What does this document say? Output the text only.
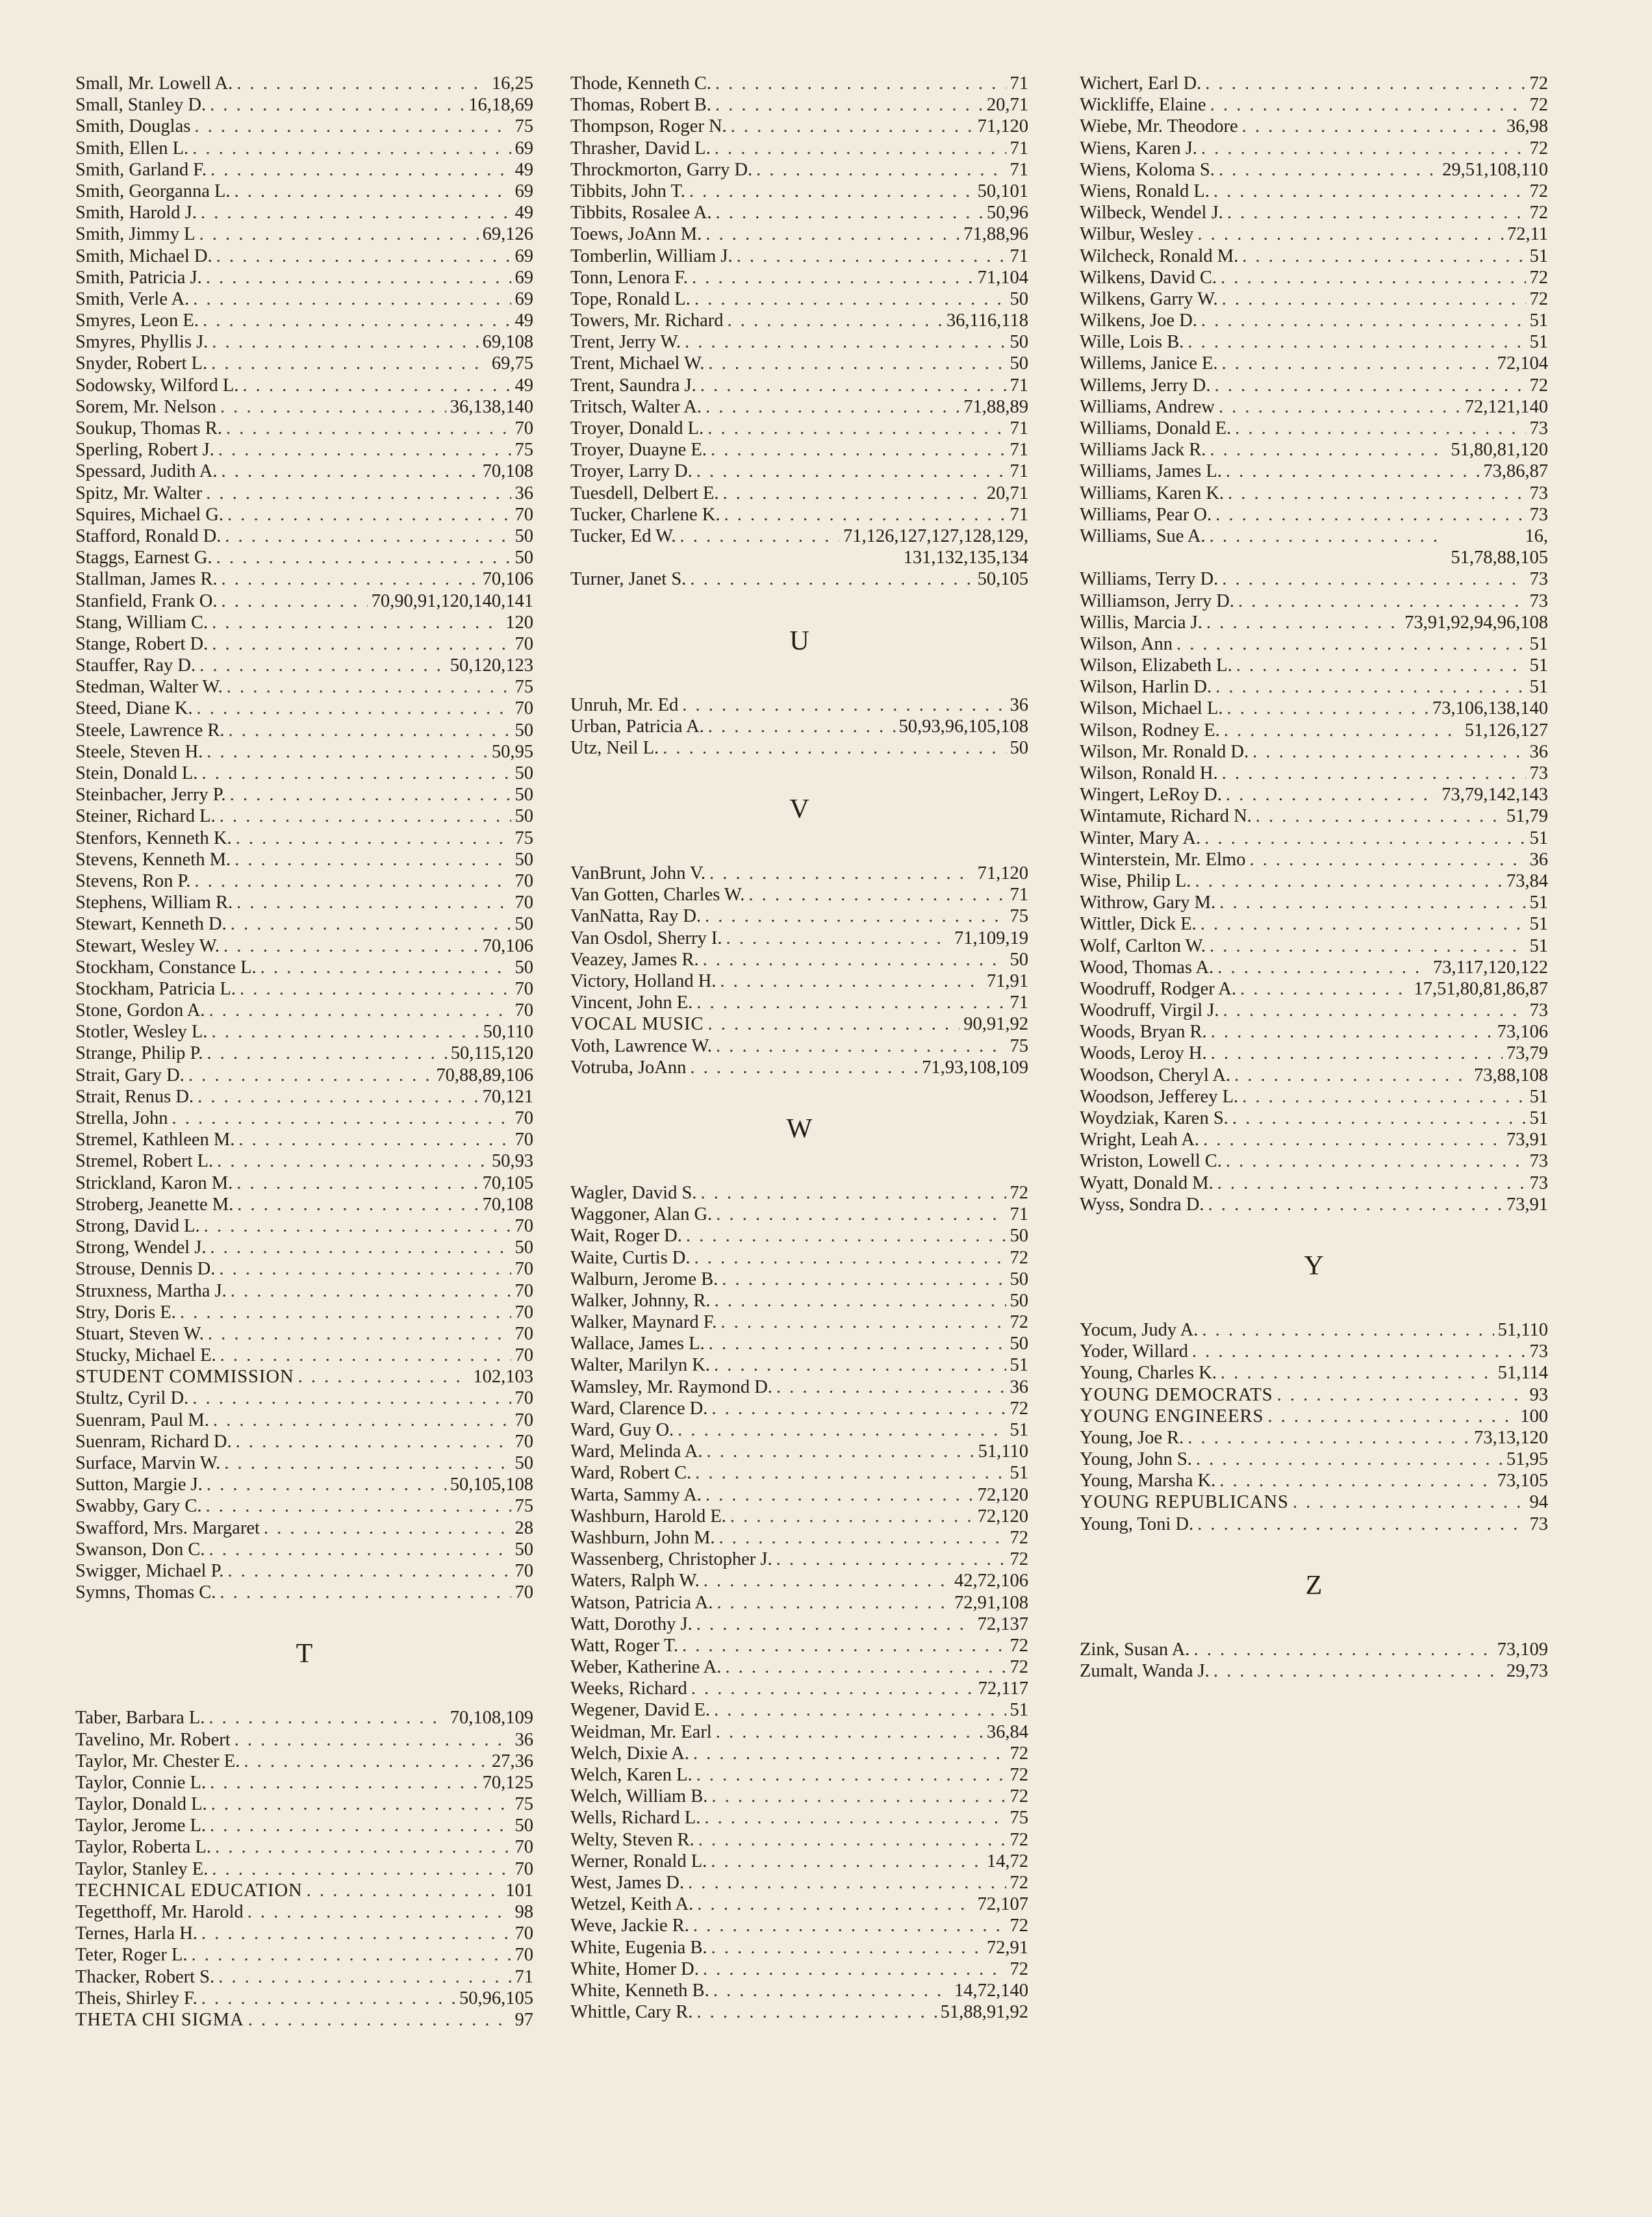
Small, Mr. Lowell A. . . .	16,25
Small, Stanley D. . . .	16,18,69
Smith, Douglas . . .	75
Smith, Ellen L. . . .	69
Smith, Garland F. . . .	49
Smith, Georganna L. . . .	69
Smith, Harold J. . . .	49
Smith, Jimmy L . . .	69,126
Smith, Michael D. . . .	69
Smith, Patricia J. . . .	69
Smith, Verle A. . . .	69
Smyres, Leon E. . . .	49
Smyres, Phyllis J. . . .	69,108
Snyder, Robert L. . . .	69,75
Sodowsky, Wilford L. . . .	49
Sorem, Mr. Nelson . . .	36,138,140
Soukup, Thomas R. . . .	70
Sperling, Robert J. . . .	75
Spessard, Judith A. . . .	70,108
Spitz, Mr. Walter . . .	36
Squires, Michael G. . . .	70
Stafford, Ronald D. . . .	50
Staggs, Earnest G. . . .	50
Stallman, James R. . . .	70,106
Stanfield, Frank O. . . .	70,90,91,120,140,141
Stang, William C. . . .	120
Stange, Robert D. . . .	70
Stauffer, Ray D. . . .	50,120,123
Stedman, Walter W. . . .	75
Steed, Diane K. . . .	70
Steele, Lawrence R. . . .	50
Steele, Steven H. . . .	50,95
Stein, Donald L. . . .	50
Steinbacher, Jerry P. . . .	50
Steiner, Richard L. . . .	50
Stenfors, Kenneth K. . . .	75
Stevens, Kenneth M. . . .	50
Stevens, Ron P. . . .	70
Stephens, William R. . . .	70
Stewart, Kenneth D. . . .	50
Stewart, Wesley W. . . .	70,106
Stockham, Constance L. . . .	50
Stockham, Patricia L. . . .	70
Stone, Gordon A. . . .	70
Stotler, Wesley L. . . .	50,110
Strange, Philip P. . . .	50,115,120
Strait, Gary D. . . .	70,88,89,106
Strait, Renus D. . . .	70,121
Strella, John . . .	70
Stremel, Kathleen M. . . .	70
Stremel, Robert L. . . .	50,93
Strickland, Karon M. . . .	70,105
Stroberg, Jeanette M. . . .	70,108
Strong, David L. . . .	70
Strong, Wendel J. . . .	50
Strouse, Dennis D. . . .	70
Struxness, Martha J. . . .	70
Stry, Doris E. . . .	70
Stuart, Steven W. . . .	70
Stucky, Michael E. . . .	70
STUDENT COMMISSION . . .	102,103
Stultz, Cyril D. . . .	70
Suenram, Paul M. . . .	70
Suenram, Richard D. . . .	70
Surface, Marvin W. . . .	50
Sutton, Margie J. . . .	50,105,108
Swabby, Gary C. . . .	75
Swafford, Mrs. Margaret . . .	28
Swanson, Don C. . . .	50
Swigger, Michael P. . . .	70
Symns, Thomas C. . . .	70
T
Taber, Barbara L. . . .	70,108,109
Tavelino, Mr. Robert . . .	36
Taylor, Mr. Chester E. . . .	27,36
Taylor, Connie L. . . .	70,125
Taylor, Donald L. . . .	75
Taylor, Jerome L. . . .	50
Taylor, Roberta L. . . .	70
Taylor, Stanley E. . . .	70
TECHNICAL EDUCATION . . .	101
Tegetthoff, Mr. Harold . . .	98
Ternes, Harla H. . . .	70
Teter, Roger L. . . .	70
Thacker, Robert S. . . .	71
Theis, Shirley F. . . .	50,96,105
THETA CHI SIGMA . . .	97
Thode, Kenneth C. . . .	71
Thomas, Robert B. . . .	20,71
Thompson, Roger N. . . .	71,120
Thrasher, David L. . . .	71
Throckmorton, Garry D. . . .	71
Tibbits, John T. . . .	50,101
Tibbits, Rosalee A. . . .	50,96
Toews, JoAnn M. . . .	71,88,96
Tomberlin, William J. . . .	71
Tonn, Lenora F. . . .	71,104
Tope, Ronald L. . . .	50
Towers, Mr. Richard . . .	36,116,118
Trent, Jerry W. . . .	50
Trent, Michael W. . . .	50
Trent, Saundra J. . . .	71
Tritsch, Walter A. . . .	71,88,89
Troyer, Donald L. . . .	71
Troyer, Duayne E. . . .	71
Troyer, Larry D. . . .	71
Tuesdell, Delbert E. . . .	20,71
Tucker, Charlene K. . . .	71
Tucker, Ed W. . . .	71,126,127,127,128,129,
131,132,135,134
Turner, Janet S. . . .	50,105
U
Unruh, Mr. Ed . . .	36
Urban, Patricia A. . . .	50,93,96,105,108
Utz, Neil L. . . .	50
V
VanBrunt, John V. . . .	71,120
Van Gotten, Charles W. . . .	71
VanNatta, Ray D. . . .	75
Van Osdol, Sherry I. . . .	71,109,19
Veazey, James R. . . .	50
Victory, Holland H. . . .	71,91
Vincent, John E. . . .	71
VOCAL MUSIC . . .	90,91,92
Voth, Lawrence W. . . .	75
Votruba, JoAnn . . .	71,93,108,109
W
Wagler, David S. . . .	72
Waggoner, Alan G. . . .	71
Wait, Roger D. . . .	50
Waite, Curtis D. . . .	72
Walburn, Jerome B. . . .	50
Walker, Johnny, R. . . .	50
Walker, Maynard F. . . .	72
Wallace, James L. . . .	50
Walter, Marilyn K. . . .	51
Wamsley, Mr. Raymond D. . . .	36
Ward, Clarence D. . . .	72
Ward, Guy O. . . .	51
Ward, Melinda A. . . .	51,110
Ward, Robert C. . . .	51
Warta, Sammy A. . . .	72,120
Washburn, Harold E. . . .	72,120
Washburn, John M. . . .	72
Wassenberg, Christopher J. . . .	72
Waters, Ralph W. . . .	42,72,106
Watson, Patricia A. . . .	72,91,108
Watt, Dorothy J. . . .	72,137
Watt, Roger T. . . .	72
Weber, Katherine A. . . .	72
Weeks, Richard . . .	72,117
Wegener, David E. . . .	51
Weidman, Mr. Earl . . .	36,84
Welch, Dixie A. . . .	72
Welch, Karen L. . . .	72
Welch, William B. . . .	72
Wells, Richard L. . . .	75
Welty, Steven R. . . .	72
Werner, Ronald L. . . .	14,72
West, James D. . . .	72
Wetzel, Keith A. . . .	72,107
Weve, Jackie R. . . .	72
White, Eugenia B. . . .	72,91
White, Homer D. . . .	72
White, Kenneth B. . . .	14,72,140
Whittle, Cary R. . . .	51,88,91,92
Wichert, Earl D. . . .	72
Wickliffe, Elaine . . .	72
Wiebe, Mr. Theodore . . .	36,98
Wiens, Karen J. . . .	72
Wiens, Koloma S. . . .	29,51,108,110
Wiens, Ronald L. . . .	72
Wilbeck, Wendel J. . . .	72
Wilbur, Wesley . . .	72,11
Wilcheck, Ronald M. . . .	51
Wilkens, David C. . . .	72
Wilkens, Garry W. . . .	72
Wilkens, Joe D. . . .	51
Wille, Lois B. . . .	51
Willems, Janice E. . . .	72,104
Willems, Jerry D. . . .	72
Williams, Andrew . . .	72,121,140
Williams, Donald E. . . .	73
Williams Jack R. . . .	51,80,81,120
Williams, James L. . . .	73,86,87
Williams, Karen K. . . .	73
Williams, Pear O. . . .	73
Williams, Sue A. . . .	16,
51,78,88,105
Williams, Terry D. . . .	73
Williamson, Jerry D. . . .	73
Willis, Marcia J. . . .	73,91,92,94,96,108
Wilson, Ann . . .	51
Wilson, Elizabeth L. . . .	51
Wilson, Harlin D. . . .	51
Wilson, Michael L. . . .	73,106,138,140
Wilson, Rodney E. . . .	51,126,127
Wilson, Mr. Ronald D. . . .	36
Wilson, Ronald H. . . .	73
Wingert, LeRoy D. . . .	73,79,142,143
Wintamute, Richard N. . . .	51,79
Winter, Mary A. . . .	51
Winterstein, Mr. Elmo . . .	36
Wise, Philip L. . . .	73,84
Withrow, Gary M. . . .	51
Wittler, Dick E. . . .	51
Wolf, Carlton W. . . .	51
Wood, Thomas A. . . .	73,117,120,122
Woodruff, Rodger A. . . .	17,51,80,81,86,87
Woodruff, Virgil J. . . .	73
Woods, Bryan R. . . .	73,106
Woods, Leroy H. . . .	73,79
Woodson, Cheryl A. . . .	73,88,108
Woodson, Jefferey L. . . .	51
Woydziak, Karen S. . . .	51
Wright, Leah A. . . .	73,91
Wriston, Lowell C. . . .	73
Wyatt, Donald M. . . .	73
Wyss, Sondra D. . . .	73,91
Y
Yocum, Judy A. . . .	51,110
Yoder, Willard . . .	73
Young, Charles K. . . .	51,114
YOUNG DEMOCRATS . . .	93
YOUNG ENGINEERS . . .	100
Young, Joe R. . . .	73,13,120
Young, John S. . . .	51,95
Young, Marsha K. . . .	73,105
YOUNG REPUBLICANS . . .	94
Young, Toni D. . . .	73
Z
Zink, Susan A. . . .	73,109
Zumalt, Wanda J. . . .	29,73
